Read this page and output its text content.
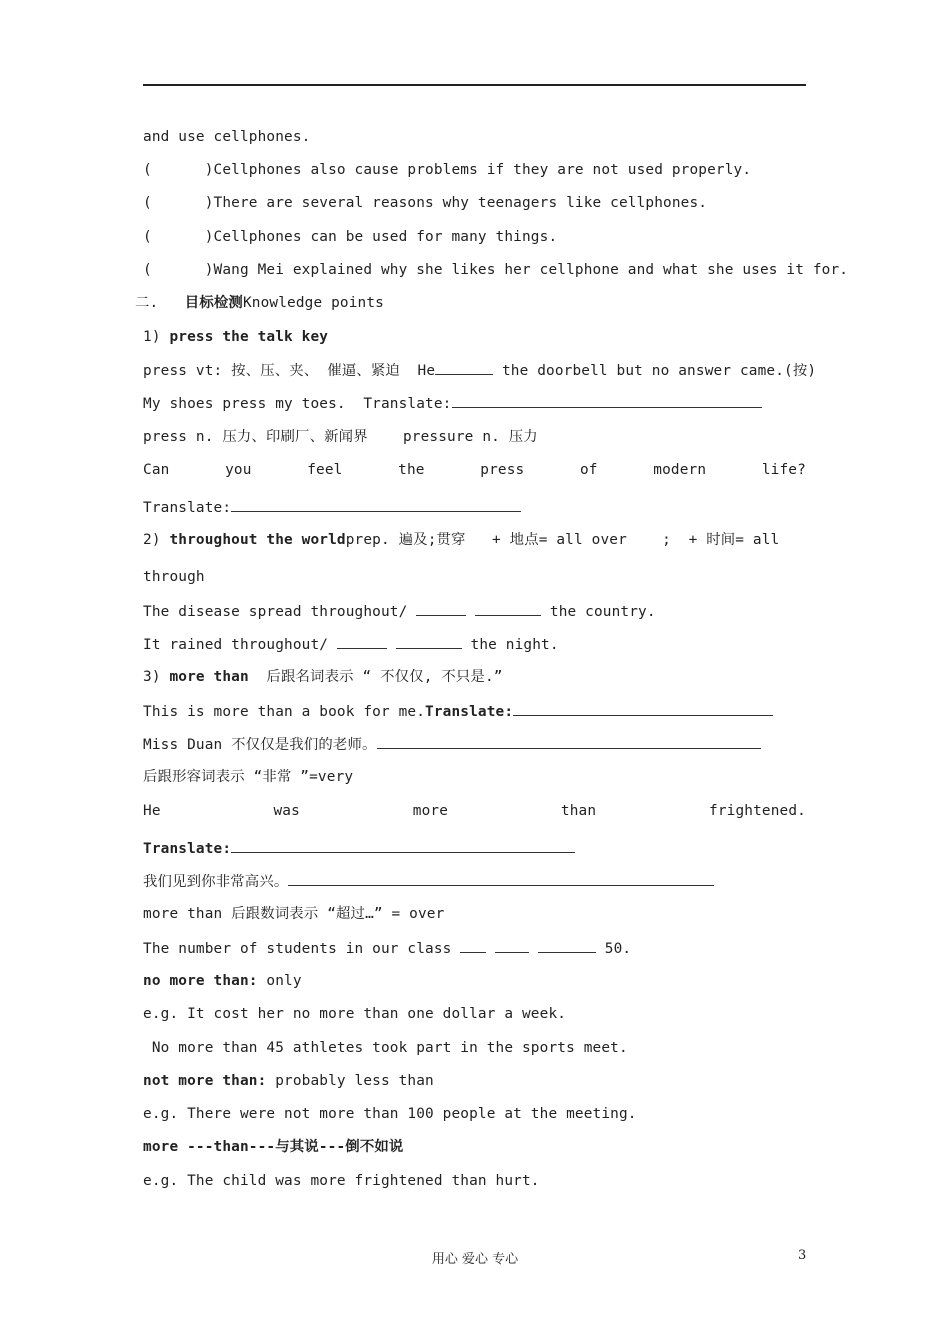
and use cellphones.
(      )Cellphones also cause problems if they are not used properly.
(      )There are several reasons why teenagers like cellphones.
(      )Cellphones can be used for many things.
(      )Wang Mei explained why she likes her cellphone and what she uses it for.
二.   目标检测Knowledge points
1) press the talk key
press vt: 按、压、夹、 催逼、紧迫  He	the doorbell but no answer came.(按)
My shoes press my toes.  Translate:
press n. 压力、印刷厂、新闻界    pressure n. 压力
Can	you	feel	the	press	of	modern	life?
Translate:
2) throughout the worldprep. 遍及;贯穿   + 地点= all over    ;  + 时间= all
through
The disease spread throughout/	the country.
It rained throughout/	the night.
3) more than  后跟名词表示 “ 不仅仅, 不只是.”
This is more than a book for me.Translate:
Miss Duan 不仅仅是我们的老师。
后跟形容词表示 “非常 ”=very
He	was	more	than	frightened.
Translate:
我们见到你非常高兴。
more than 后跟数词表示 “超过…” = over
The number of students in our class	50.
no more than: only
e.g. It cost her no more than one dollar a week.
No more than 45 athletes took part in the sports meet.
not more than: probably less than
e.g. There were not more than 100 people at the meeting.
more ---than---与其说---倒不如说
e.g. The child was more frightened than hurt.
用心 爱心 专心	3
